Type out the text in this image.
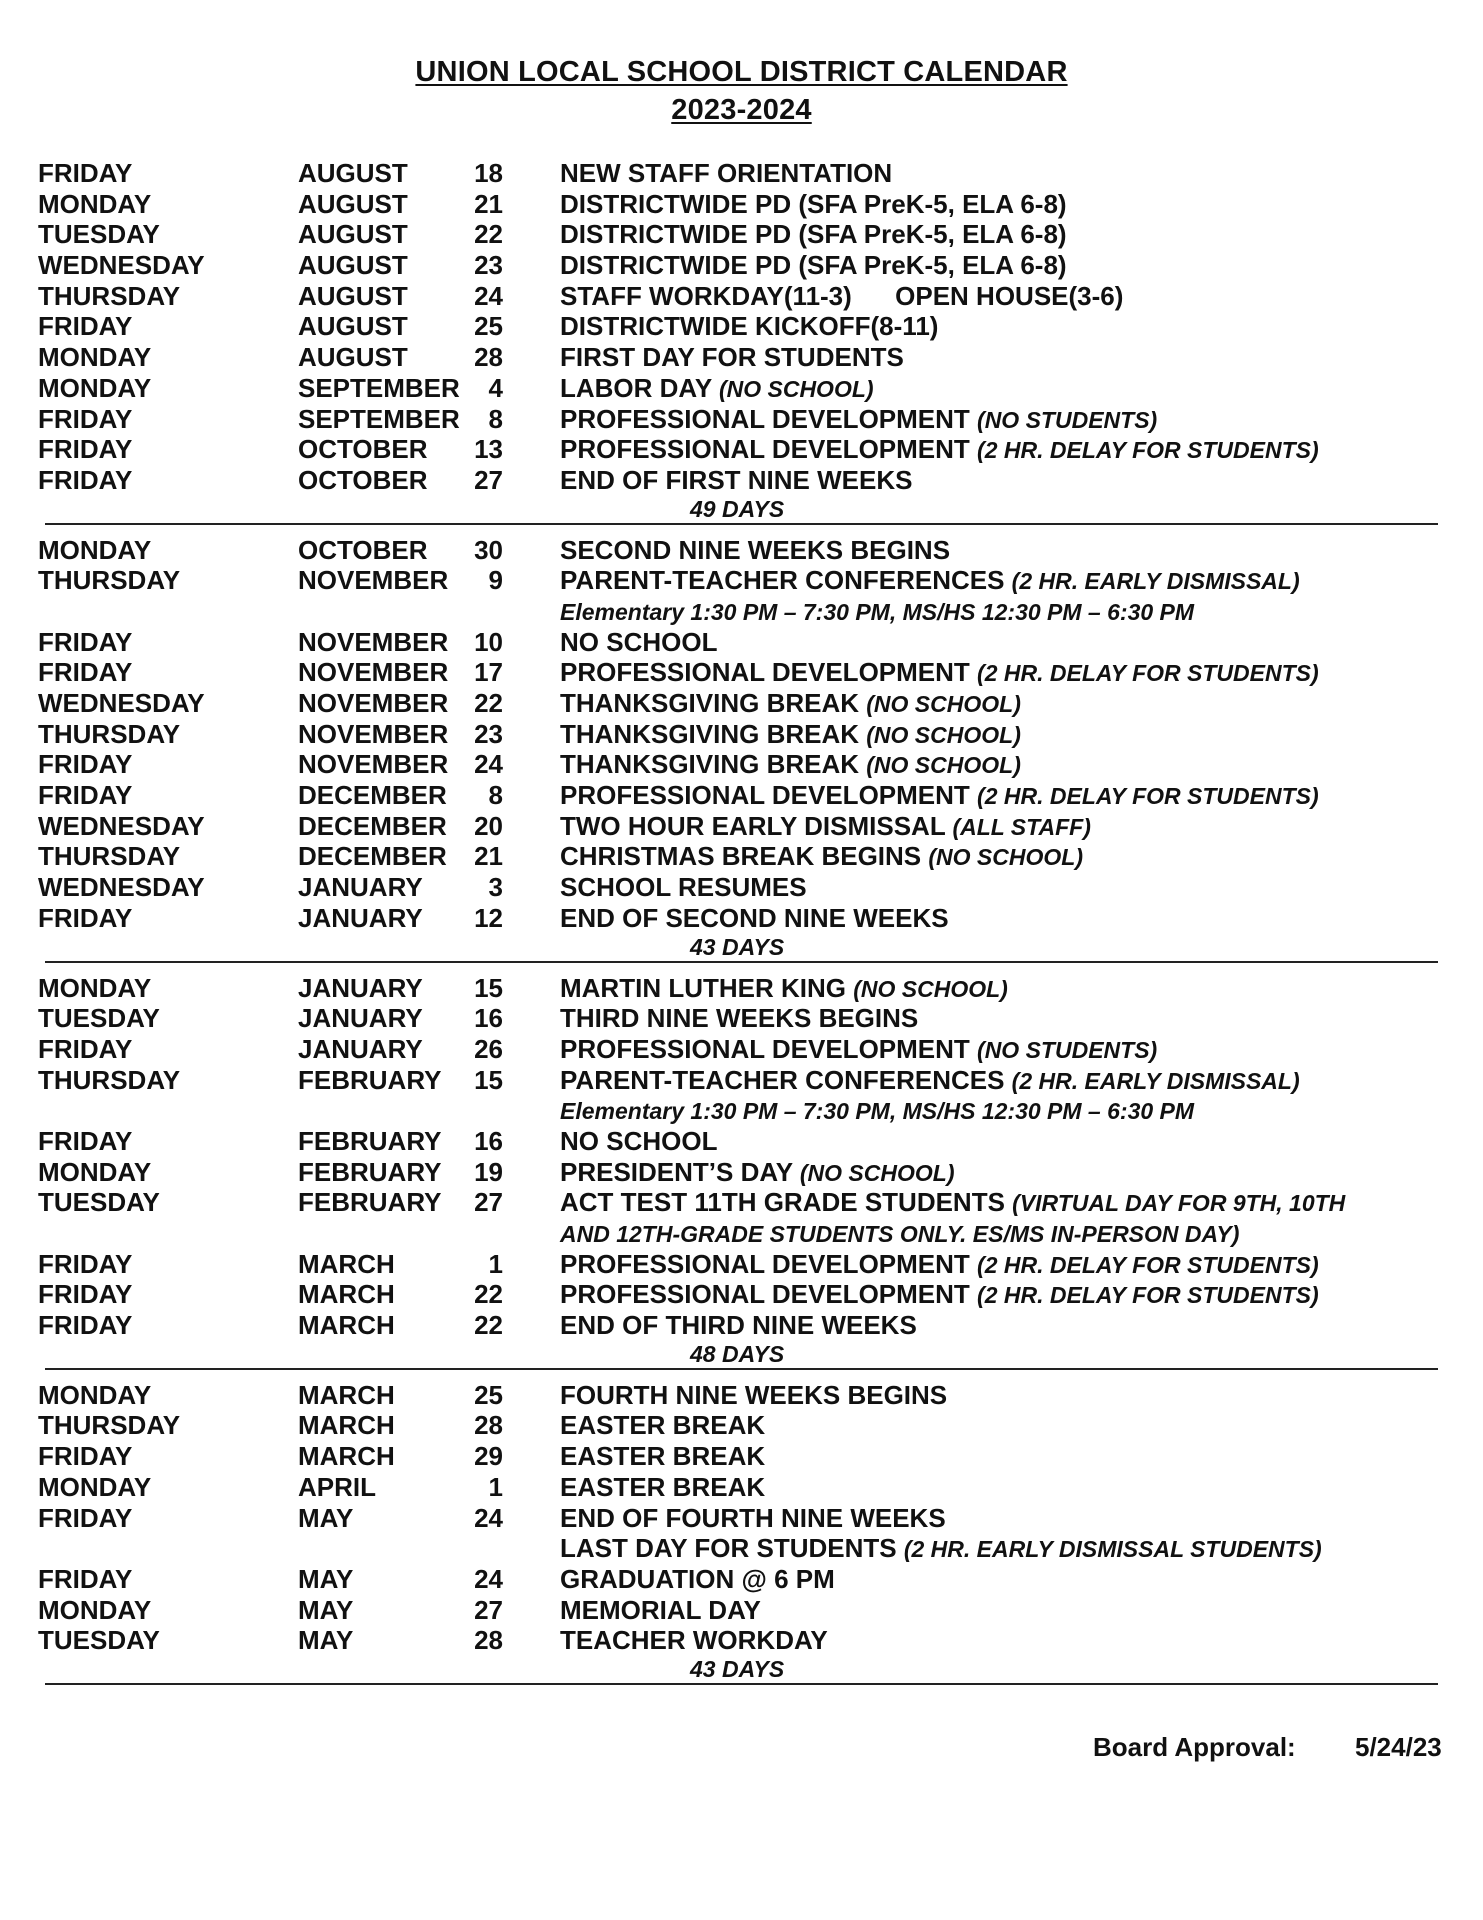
UNION LOCAL SCHOOL DISTRICT CALENDAR
2023-2024
FRIDAY	AUGUST	18 NEW STAFF ORIENTATION
MONDAY	AUGUST	21 DISTRICTWIDE PD (SFA PreK-5, ELA 6-8)
TUESDAY	AUGUST	22 DISTRICTWIDE PD (SFA PreK-5, ELA 6-8)
WEDNESDAY	AUGUST	23 DISTRICTWIDE PD (SFA PreK-5, ELA 6-8)
THURSDAY	AUGUST	24 STAFF WORKDAY(11-3)      OPEN HOUSE(3-6)
FRIDAY	AUGUST	25 DISTRICTWIDE KICKOFF(8-11)
MONDAY	AUGUST	28 FIRST DAY FOR STUDENTS
MONDAY	SEPTEMBER	4 LABOR DAY (NO SCHOOL)
FRIDAY	SEPTEMBER	8 PROFESSIONAL DEVELOPMENT (NO STUDENTS)
FRIDAY	OCTOBER	13 PROFESSIONAL DEVELOPMENT (2 HR. DELAY FOR STUDENTS)
FRIDAY	OCTOBER	27 END OF FIRST NINE WEEKS
49 DAYS
MONDAY	OCTOBER	30 SECOND NINE WEEKS BEGINS
THURSDAY	NOVEMBER	9 PARENT-TEACHER CONFERENCES (2 HR. EARLY DISMISSAL)
Elementary 1:30 PM – 7:30 PM, MS/HS 12:30 PM – 6:30 PM
FRIDAY	NOVEMBER 10 NO SCHOOL
FRIDAY	NOVEMBER 17 PROFESSIONAL DEVELOPMENT (2 HR. DELAY FOR STUDENTS)
WEDNESDAY	NOVEMBER 22 THANKSGIVING BREAK (NO SCHOOL)
THURSDAY	NOVEMBER 23 THANKSGIVING BREAK (NO SCHOOL)
FRIDAY	NOVEMBER 24 THANKSGIVING BREAK (NO SCHOOL)
FRIDAY	DECEMBER	8 PROFESSIONAL DEVELOPMENT (2 HR. DELAY FOR STUDENTS)
WEDNESDAY	DECEMBER	20 TWO HOUR EARLY DISMISSAL (ALL STAFF)
THURSDAY	DECEMBER	21 CHRISTMAS BREAK BEGINS (NO SCHOOL)
WEDNESDAY	JANUARY	3 SCHOOL RESUMES
FRIDAY	JANUARY	12 END OF SECOND NINE WEEKS
43 DAYS
MONDAY	JANUARY	15 MARTIN LUTHER KING (NO SCHOOL)
TUESDAY	JANUARY	16 THIRD NINE WEEKS BEGINS
FRIDAY	JANUARY	26 PROFESSIONAL DEVELOPMENT (NO STUDENTS)
THURSDAY	FEBRUARY	15 PARENT-TEACHER CONFERENCES (2 HR. EARLY DISMISSAL)
Elementary 1:30 PM – 7:30 PM, MS/HS 12:30 PM – 6:30 PM
FRIDAY	FEBRUARY	16 NO SCHOOL
MONDAY	FEBRUARY	19 PRESIDENT’S DAY (NO SCHOOL)
TUESDAY	FEBRUARY	27 ACT TEST 11TH GRADE STUDENTS (VIRTUAL DAY FOR 9TH, 10TH
AND 12TH-GRADE STUDENTS ONLY. ES/MS IN-PERSON DAY)
FRIDAY	MARCH	1 PROFESSIONAL DEVELOPMENT (2 HR. DELAY FOR STUDENTS)
FRIDAY	MARCH	22 PROFESSIONAL DEVELOPMENT (2 HR. DELAY FOR STUDENTS)
FRIDAY	MARCH	22 END OF THIRD NINE WEEKS
48 DAYS
MONDAY	MARCH	25 FOURTH NINE WEEKS BEGINS
THURSDAY	MARCH	28 EASTER BREAK
FRIDAY	MARCH	29 EASTER BREAK
MONDAY	APRIL	1 EASTER BREAK
FRIDAY	MAY	24 END OF FOURTH NINE WEEKS
LAST DAY FOR STUDENTS (2 HR. EARLY DISMISSAL STUDENTS)
FRIDAY	MAY	24 GRADUATION @ 6 PM
MONDAY	MAY	27 MEMORIAL DAY
TUESDAY	MAY	28 TEACHER WORKDAY
43 DAYS
Board Approval: 5/24/23
